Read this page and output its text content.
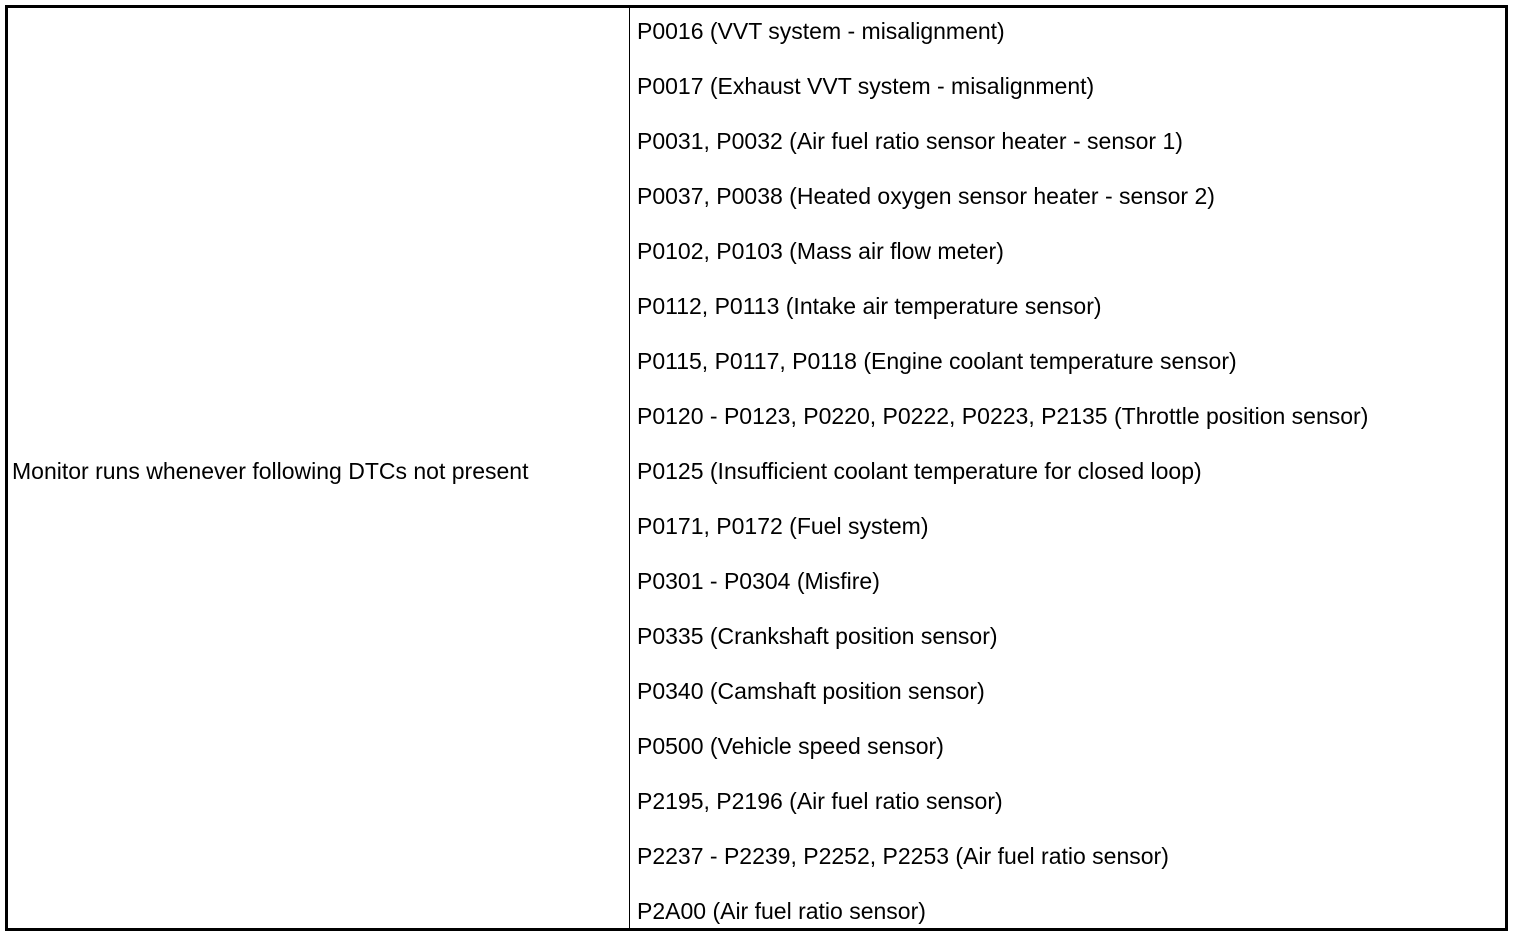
Monitor runs whenever following DTCs not present
P0016 (VVT system - misalignment)
P0017 (Exhaust VVT system - misalignment)
P0031, P0032 (Air fuel ratio sensor heater - sensor 1)
P0037, P0038 (Heated oxygen sensor heater - sensor 2)
P0102, P0103 (Mass air flow meter)
P0112, P0113 (Intake air temperature sensor)
P0115, P0117, P0118 (Engine coolant temperature sensor)
P0120 - P0123, P0220, P0222, P0223, P2135 (Throttle position sensor)
P0125 (Insufficient coolant temperature for closed loop)
P0171, P0172 (Fuel system)
P0301 - P0304 (Misfire)
P0335 (Crankshaft position sensor)
P0340 (Camshaft position sensor)
P0500 (Vehicle speed sensor)
P2195, P2196 (Air fuel ratio sensor)
P2237 - P2239, P2252, P2253 (Air fuel ratio sensor)
P2A00 (Air fuel ratio sensor)
